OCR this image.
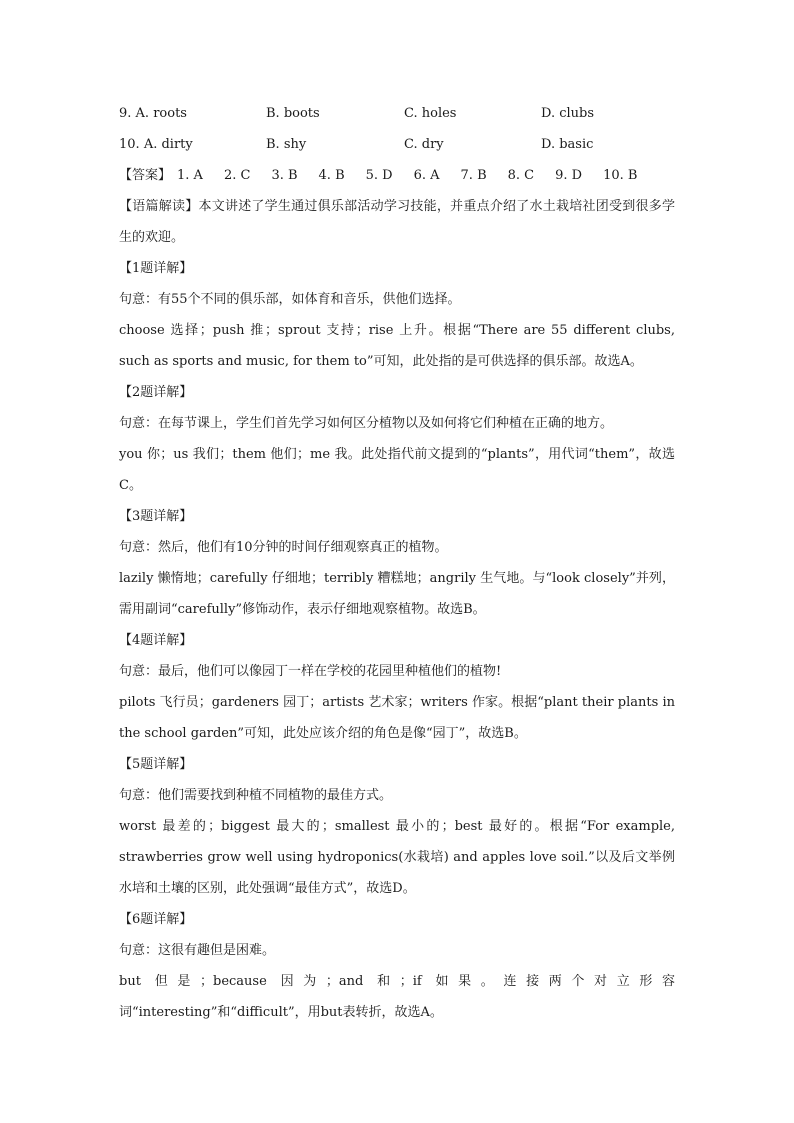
9. A. roots	B. boots	C. holes	D. clubs
10. A. dirty	B. shy	C. dry	D. basic
【答案】 1. A 2. C 3. B 4. B 5. D 6. A 7. B 8. C 9. D 10. B
【语篇解读】本文讲述了学生通过俱乐部活动学习技能，并重点介绍了水土栽培社团受到很多学生的欢迎。
【1题详解】
句意：有55个不同的俱乐部，如体育和音乐，供他们选择。
choose 选择；push 推；sprout 支持；rise 上升。根据“There are 55 different clubs, such as sports and music, for them to”可知，此处指的是可供选择的俱乐部。故选A。
【2题详解】
句意：在每节课上，学生们首先学习如何区分植物以及如何将它们种植在正确的地方。
you 你；us 我们；them 他们；me 我。此处指代前文提到的“plants”，用代词“them”，故选C。
【3题详解】
句意：然后，他们有10分钟的时间仔细观察真正的植物。
lazily 懒惰地；carefully 仔细地；terribly 糟糕地；angrily 生气地。与“look closely”并列，需用副词“carefully”修饰动作，表示仔细地观察植物。故选B。
【4题详解】
句意：最后，他们可以像园丁一样在学校的花园里种植他们的植物!
pilots 飞行员；gardeners 园丁；artists 艺术家；writers 作家。根据“plant their plants in the school garden”可知，此处应该介绍的角色是像“园丁”，故选B。
【5题详解】
句意：他们需要找到种植不同植物的最佳方式。
worst 最差的；biggest 最大的；smallest 最小的；best 最好的。根据“For example, strawberries grow well using hydroponics(水栽培) and apples love soil.”以及后文举例水培和土壤的区别，此处强调“最佳方式”，故选D。
【6题详解】
句意：这很有趣但是困难。
but 但是；because 因为；and 和；if 如果。连接两个对立形容词“interesting”和“difficult”，用but表转折，故选A。
